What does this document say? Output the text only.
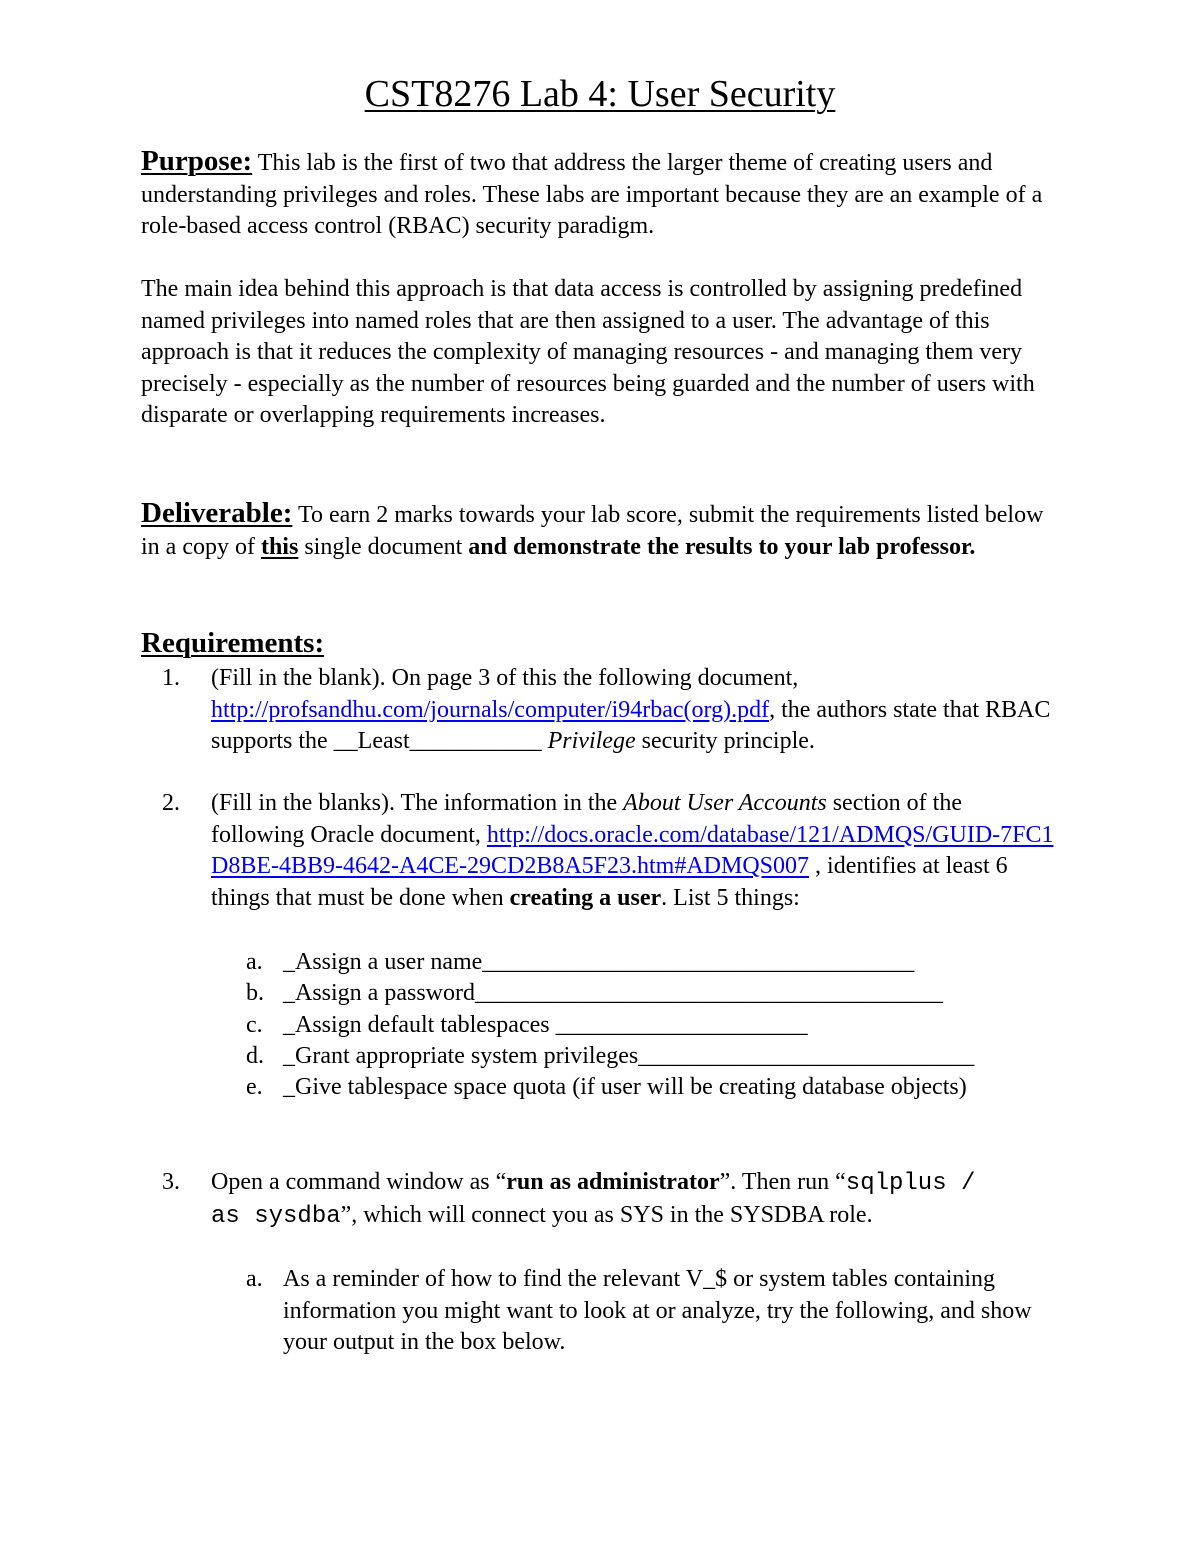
CST8276 Lab 4: User Security
Purpose: This lab is the first of two that address the larger theme of creating users and understanding privileges and roles. These labs are important because they are an example of a role-based access control (RBAC) security paradigm.
The main idea behind this approach is that data access is controlled by assigning predefined named privileges into named roles that are then assigned to a user. The advantage of this approach is that it reduces the complexity of managing resources - and managing them very precisely - especially as the number of resources being guarded and the number of users with disparate or overlapping requirements increases.
Deliverable: To earn 2 marks towards your lab score, submit the requirements listed below in a copy of this single document and demonstrate the results to your lab professor.
Requirements:
1. (Fill in the blank). On page 3 of this the following document, http://profsandhu.com/journals/computer/i94rbac(org).pdf, the authors state that RBAC supports the __Least___________ Privilege security principle.
2. (Fill in the blanks). The information in the About User Accounts section of the following Oracle document, http://docs.oracle.com/database/121/ADMQS/GUID-7FC1D8BE-4BB9-4642-A4CE-29CD2B8A5F23.htm#ADMQS007 , identifies at least 6 things that must be done when creating a user. List 5 things:
a. _Assign a user name____________________________________
b. _Assign a password_______________________________________
c. _Assign default tablespaces _____________________
d. _Grant appropriate system privileges____________________________
e. _Give tablespace space quota (if user will be creating database objects)
3. Open a command window as “run as administrator”. Then run “sqlplus / as sysdba”, which will connect you as SYS in the SYSDBA role.
a. As a reminder of how to find the relevant V_$ or system tables containing information you might want to look at or analyze, try the following, and show your output in the box below.
